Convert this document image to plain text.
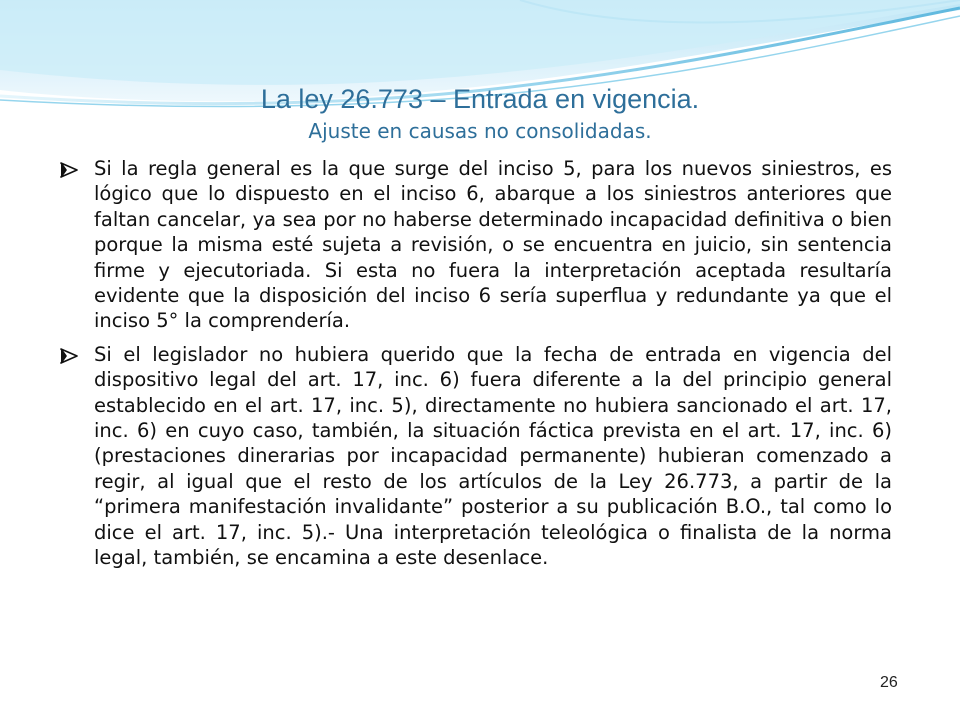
La ley 26.773 – Entrada en vigencia.
Ajuste en causas no consolidadas.
Si la regla general es la que surge del inciso 5, para los nuevos siniestros, es lógico que lo dispuesto en el inciso 6, abarque a los siniestros anteriores que faltan cancelar, ya sea por no haberse determinado incapacidad definitiva o bien porque la misma esté sujeta a revisión, o se encuentra en juicio, sin sentencia firme y ejecutoriada. Si esta no fuera la interpretación aceptada resultaría evidente que la disposición del inciso 6 sería superflua y redundante ya que el inciso 5° la comprendería.
Si el legislador no hubiera querido que la fecha de entrada en vigencia del dispositivo legal del art. 17, inc. 6) fuera diferente a la del principio general establecido en el art. 17, inc. 5), directamente no hubiera sancionado el art. 17, inc. 6) en cuyo caso, también, la situación fáctica prevista en el art. 17, inc. 6) (prestaciones dinerarias por incapacidad permanente) hubieran comenzado a regir, al igual que el resto de los artículos de la Ley 26.773, a partir de la “primera manifestación invalidante” posterior a su publicación B.O., tal como lo dice el art. 17, inc. 5).- Una interpretación teleológica o finalista de la norma legal, también, se encamina a este desenlace.
26
